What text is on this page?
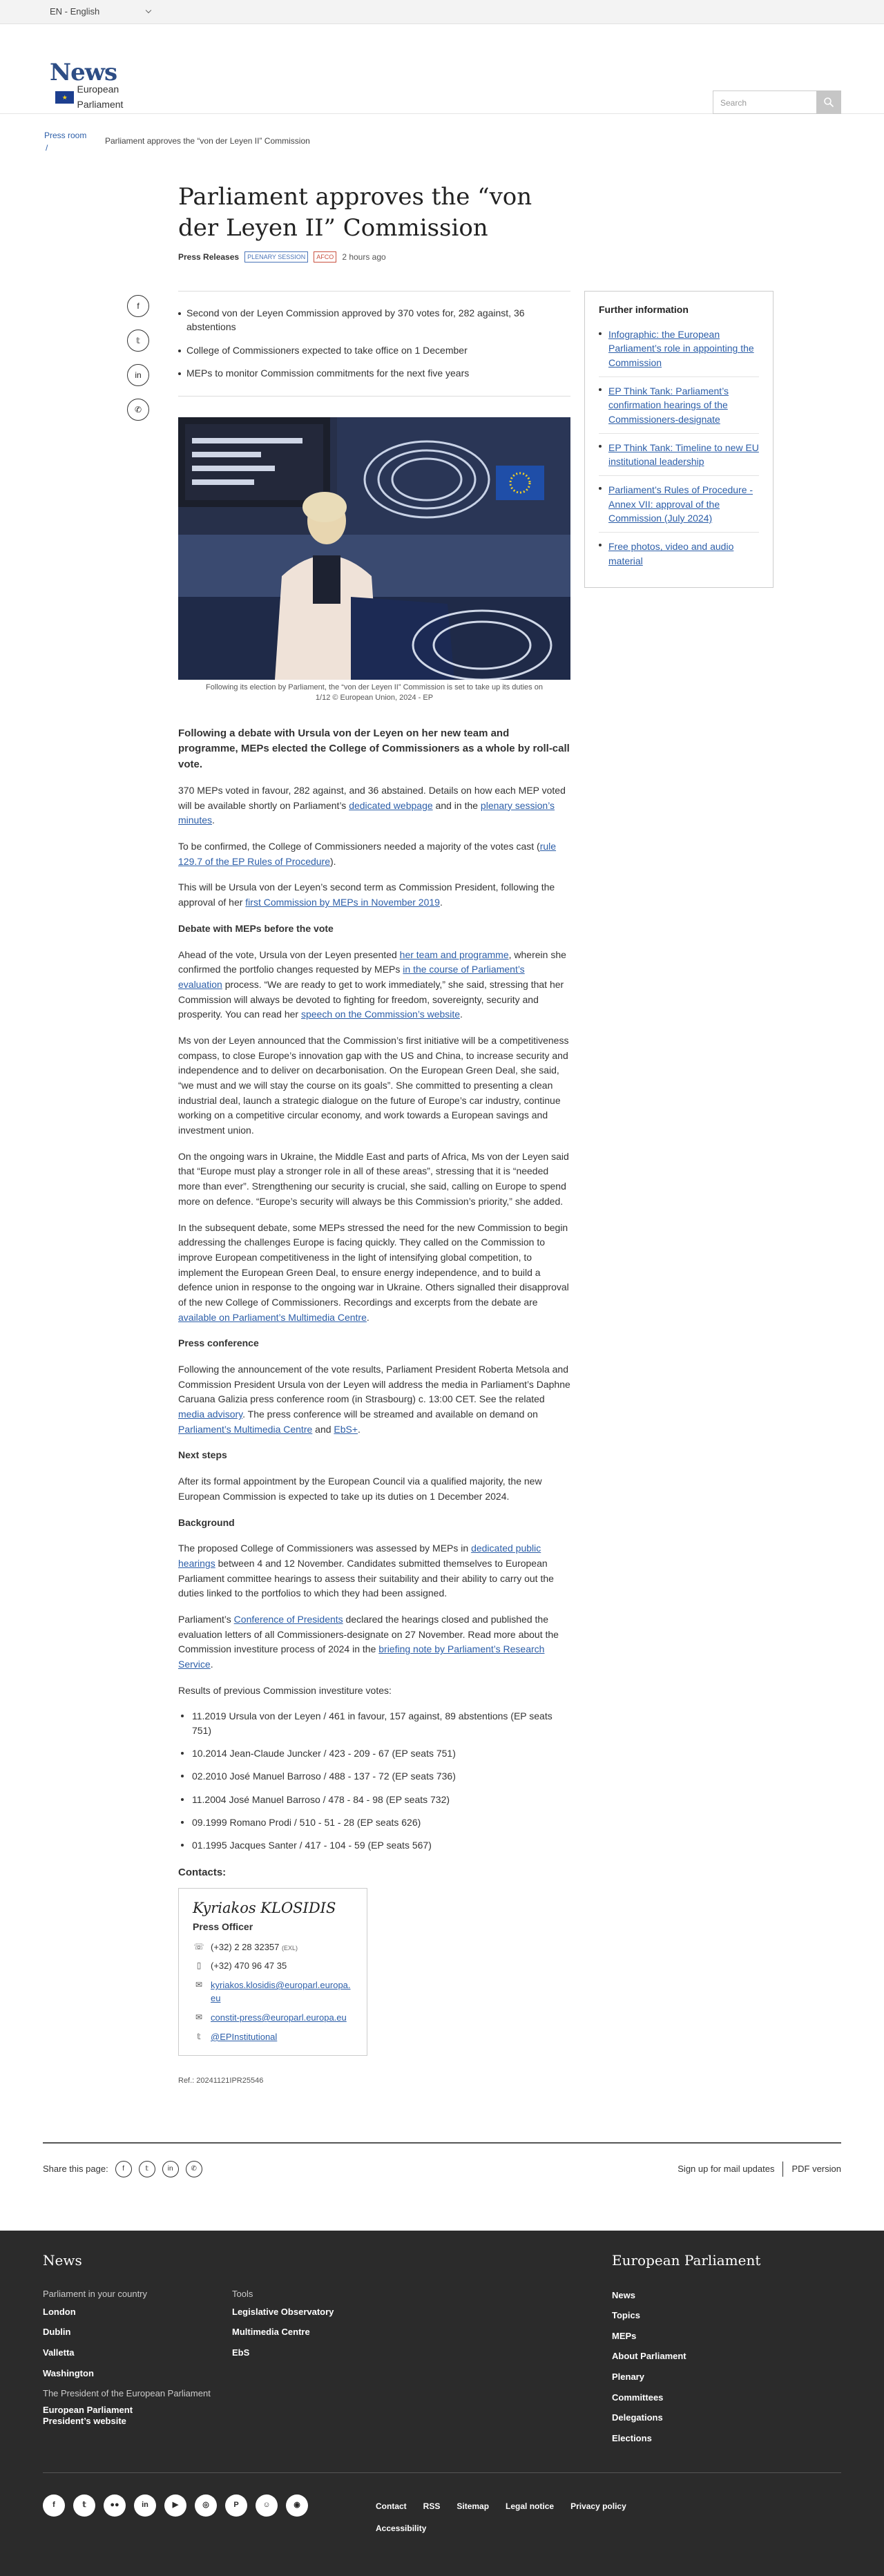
EN - English
News
★
European Parliament	Search
Press room
/
Parliament approves the “von der Leyen II” Commission
Parliament approves the “von der Leyen II” Commission
Press Releases	PLENARY SESSION	AFCO	2 hours ago
f
𝕥
in
✆
Second von der Leyen Commission approved by 370 votes for, 282 against, 36 abstentions
College of Commissioners expected to take office on 1 December
MEPs to monitor Commission commitments for the next five years
Following its election by Parliament, the “von der Leyen II” Commission is set to take up its duties on 1/12 © European Union, 2024 - EP
Following a debate with Ursula von der Leyen on her new team and programme, MEPs elected the College of Commissioners as a whole by roll-call vote.

370 MEPs voted in favour, 282 against, and 36 abstained. Details on how each MEP voted will be available shortly on Parliament’s dedicated webpage and in the plenary session’s minutes.

To be confirmed, the College of Commissioners needed a majority of the votes cast (rule 129.7 of the EP Rules of Procedure).

This will be Ursula von der Leyen’s second term as Commission President, following the approval of her first Commission by MEPs in November 2019.

Debate with MEPs before the vote

Ahead of the vote, Ursula von der Leyen presented her team and programme, wherein she confirmed the portfolio changes requested by MEPs in the course of Parliament’s evaluation process. “We are ready to get to work immediately,” she said, stressing that her Commission will always be devoted to fighting for freedom, sovereignty, security and prosperity. You can read her speech on the Commission’s website.

Ms von der Leyen announced that the Commission’s first initiative will be a competitiveness compass, to close Europe’s innovation gap with the US and China, to increase security and independence and to deliver on decarbonisation. On the European Green Deal, she said, “we must and we will stay the course on its goals”. She committed to presenting a clean industrial deal, launch a strategic dialogue on the future of Europe’s car industry, continue working on a competitive circular economy, and work towards a European savings and investment union.

On the ongoing wars in Ukraine, the Middle East and parts of Africa, Ms von der Leyen said that “Europe must play a stronger role in all of these areas”, stressing that it is “needed more than ever”. Strengthening our security is crucial, she said, calling on Europe to spend more on defence. “Europe’s security will always be this Commission’s priority,” she added.

In the subsequent debate, some MEPs stressed the need for the new Commission to begin addressing the challenges Europe is facing quickly. They called on the Commission to improve European competitiveness in the light of intensifying global competition, to implement the European Green Deal, to ensure energy independence, and to build a defence union in response to the ongoing war in Ukraine. Others signalled their disapproval of the new College of Commissioners. Recordings and excerpts from the debate are available on Parliament’s Multimedia Centre.

Press conference

Following the announcement of the vote results, Parliament President Roberta Metsola and Commission President Ursula von der Leyen will address the media in Parliament’s Daphne Caruana Galizia press conference room (in Strasbourg) c. 13:00 CET. See the related media advisory. The press conference will be streamed and available on demand on Parliament’s Multimedia Centre and EbS+.

Next steps

After its formal appointment by the European Council via a qualified majority, the new European Commission is expected to take up its duties on 1 December 2024.

Background

The proposed College of Commissioners was assessed by MEPs in dedicated public hearings between 4 and 12 November. Candidates submitted themselves to European Parliament committee hearings to assess their suitability and their ability to carry out the duties linked to the portfolios to which they had been assigned.

Parliament’s Conference of Presidents declared the hearings closed and published the evaluation letters of all Commissioners-designate on 27 November. Read more about the Commission investiture process of 2024 in the briefing note by Parliament’s Research Service.

Results of previous Commission investiture votes:

11.2019 Ursula von der Leyen / 461 in favour, 157 against, 89 abstentions (EP seats 751)
10.2014 Jean-Claude Juncker / 423 - 209 - 67 (EP seats 751)
02.2010 José Manuel Barroso / 488 - 137 - 72 (EP seats 736)
11.2004 José Manuel Barroso / 478 - 84 - 98 (EP seats 732)
09.1999 Romano Prodi / 510 - 51 - 28 (EP seats 626)
01.1995 Jacques Santer / 417 - 104 - 59 (EP seats 567)
Contacts:
Kyriakos KLOSIDIS
Press Officer
☏ (+32) 2 28 32357 (EXL)
▯	(+32) 470 96 47 35
✉ kyriakos.klosidis@europarl.europa.eu
✉ constit-press@europarl.europa.eu
𝕥	@EPInstitutional
Ref.: 20241121IPR25546
Further information
Infographic: the European Parliament’s role in appointing the Commission
EP Think Tank: Parliament’s confirmation hearings of the Commissioners-designate
EP Think Tank: Timeline to new EU institutional leadership
Parliament’s Rules of Procedure - Annex VII: approval of the Commission (July 2024)
Free photos, video and audio material
Share this page:	f	𝕥	in	✆	Sign up for mail updates PDF version
News	European Parliament
Parliament in your country
London
Dublin
Valletta
Washington
The President of the European Parliament
European Parliament President’s website
Tools
Legislative Observatory
Multimedia Centre
EbS
News
Topics
MEPs
About Parliament
Plenary
Committees
Delegations
Elections
f	𝕥	●●	in	▶	◎	P	☺	◉	Contact RSS Sitemap Legal notice Privacy policy
Accessibility
